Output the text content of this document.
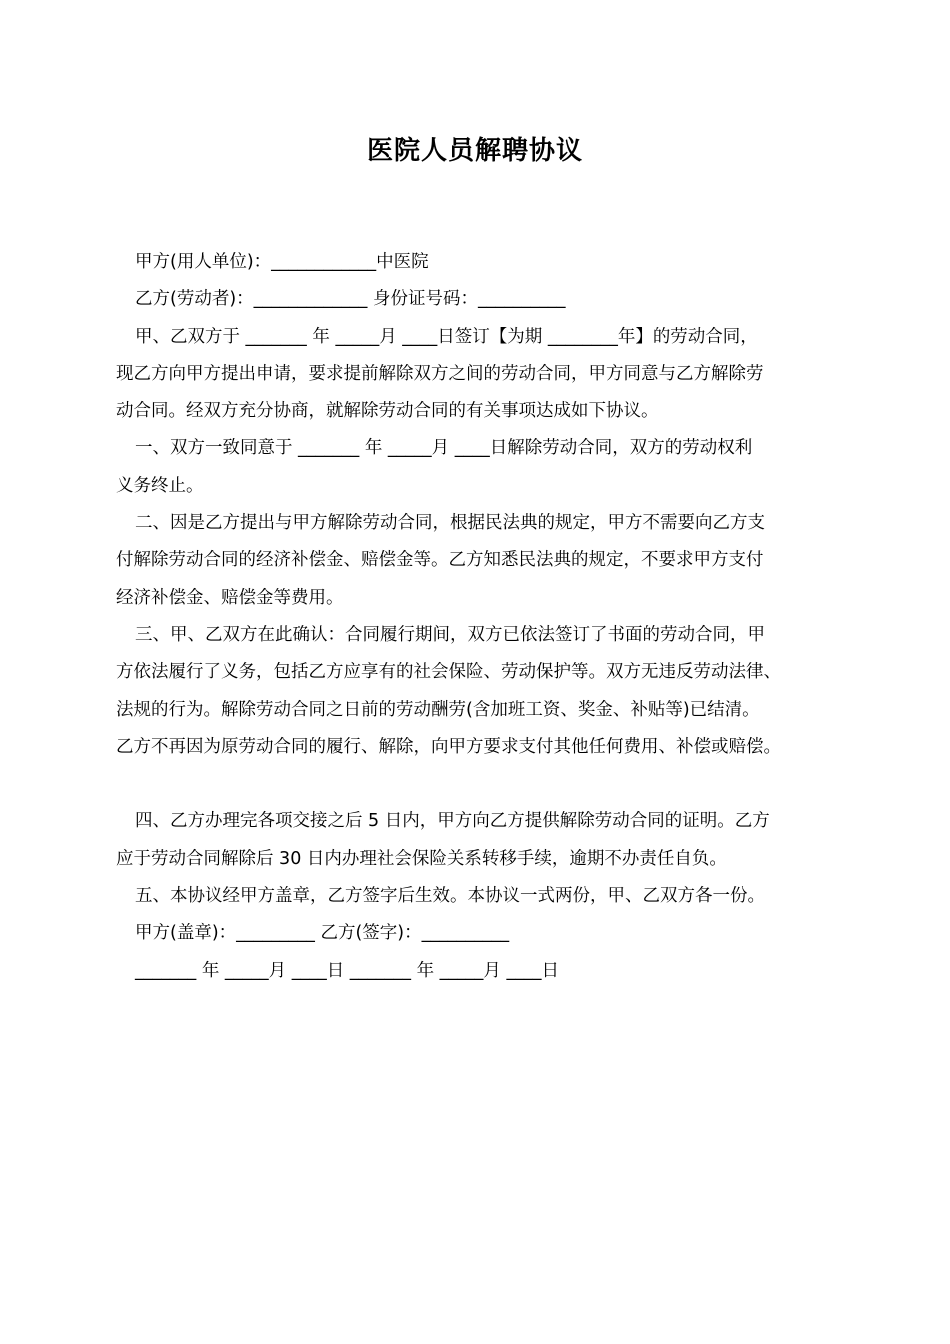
医院人员解聘协议
甲方(用人单位)：____________中医院
乙方(劳动者)：_____________ 身份证号码：__________
甲、乙双方于 _______ 年 _____月 ____日签订【为期 ________年】的劳动合同，
现乙方向甲方提出申请，要求提前解除双方之间的劳动合同，甲方同意与乙方解除劳
动合同。经双方充分协商，就解除劳动合同的有关事项达成如下协议。
一、双方一致同意于 _______ 年 _____月 ____日解除劳动合同，双方的劳动权利
义务终止。
二、因是乙方提出与甲方解除劳动合同，根据民法典的规定，甲方不需要向乙方支
付解除劳动合同的经济补偿金、赔偿金等。乙方知悉民法典的规定，不要求甲方支付
经济补偿金、赔偿金等费用。
三、甲、乙双方在此确认：合同履行期间，双方已依法签订了书面的劳动合同，甲
方依法履行了义务，包括乙方应享有的社会保险、劳动保护等。双方无违反劳动法律、
法规的行为。解除劳动合同之日前的劳动酬劳(含加班工资、奖金、补贴等)已结清。
乙方不再因为原劳动合同的履行、解除，向甲方要求支付其他任何费用、补偿或赔偿。
四、乙方办理完各项交接之后 5 日内，甲方向乙方提供解除劳动合同的证明。乙方
应于劳动合同解除后 30 日内办理社会保险关系转移手续，逾期不办责任自负。
五、本协议经甲方盖章，乙方签字后生效。本协议一式两份，甲、乙双方各一份。
甲方(盖章)：_________ 乙方(签字)：__________
_______ 年 _____月 ____日 _______ 年 _____月 ____日
